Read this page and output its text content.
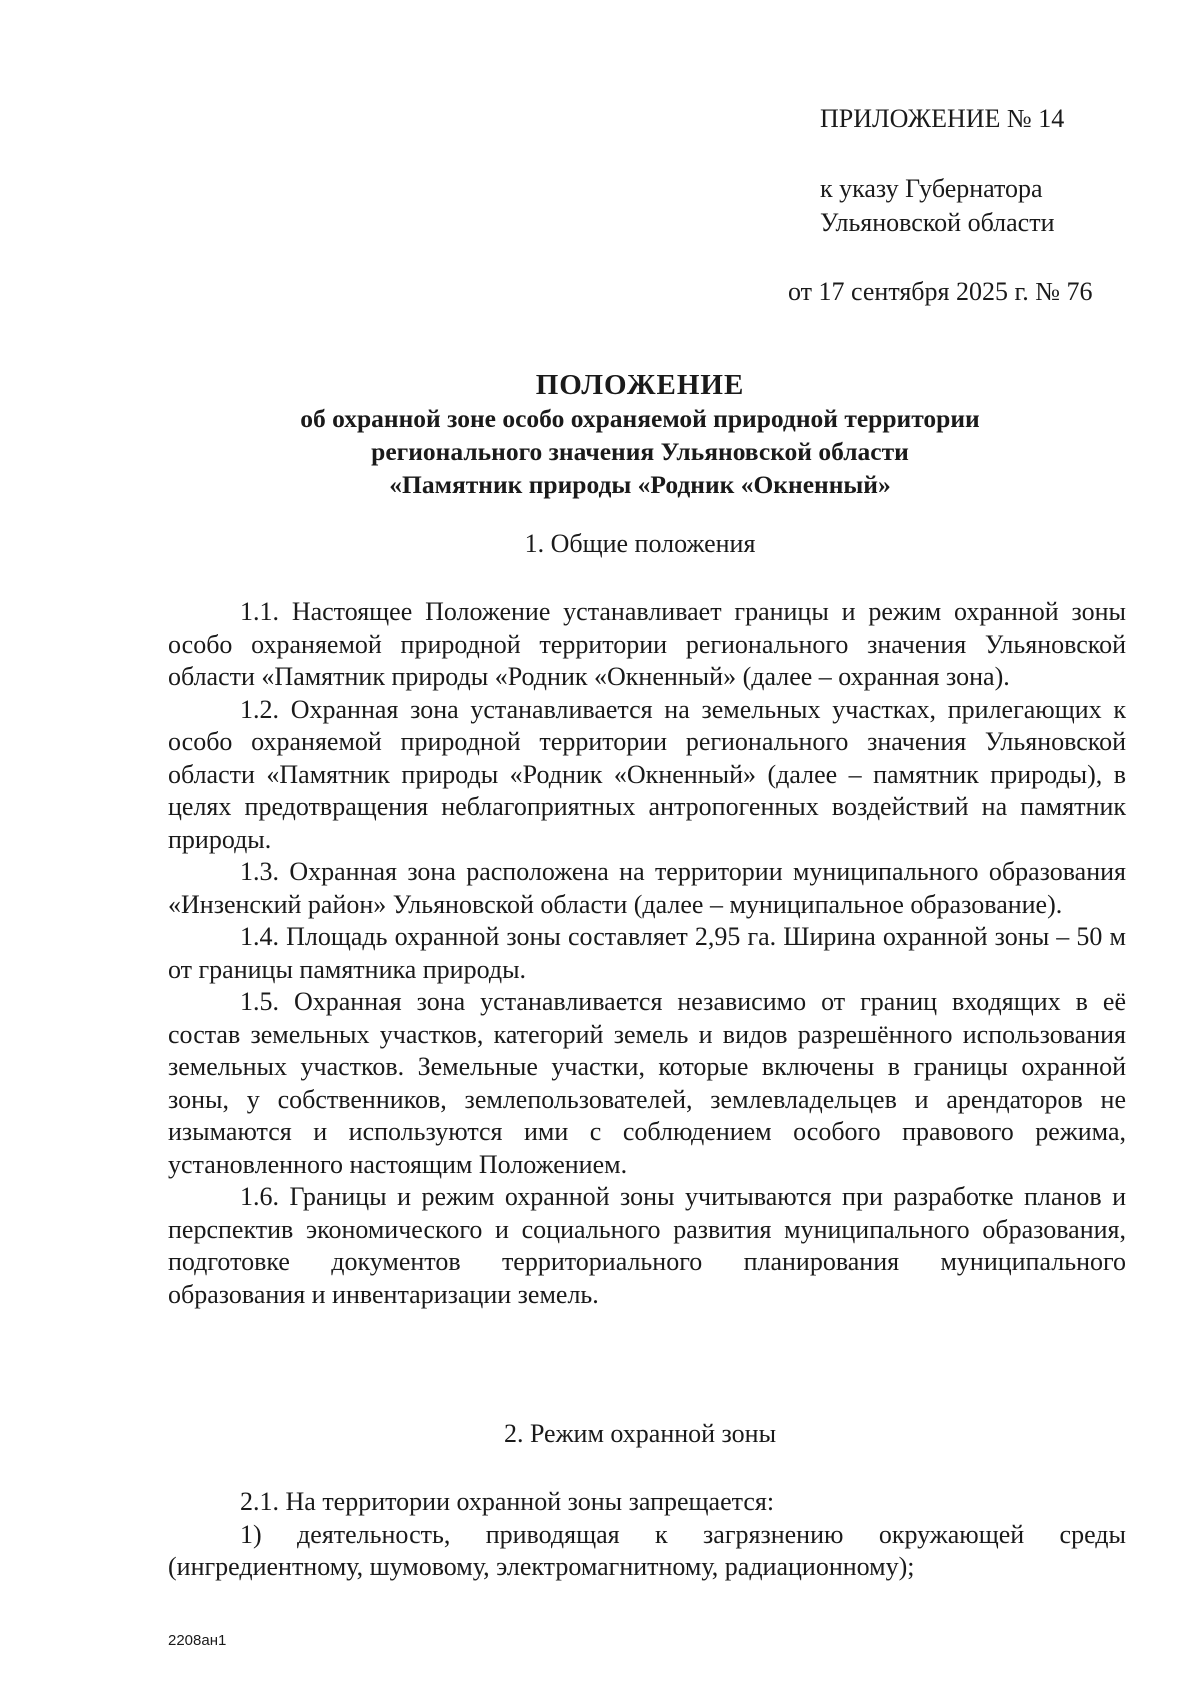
ПРИЛОЖЕНИЕ № 14
к указу Губернатора
Ульяновской области
от 17 сентября 2025 г. № 76
ПОЛОЖЕНИЕ
об охранной зоне особо охраняемой природной территории
регионального значения Ульяновской области
«Памятник природы «Родник «Окненный»
1. Общие положения

1.1. Настоящее Положение устанавливает границы и режим охранной зоны особо охраняемой природной территории регионального значения Ульяновской области «Памятник природы «Родник «Окненный» (далее – охранная зона).

1.2. Охранная зона устанавливается на земельных участках, прилегающих к особо охраняемой природной территории регионального значения Ульяновской области «Памятник природы «Родник «Окненный» (далее – памятник природы), в целях предотвращения неблагоприятных антропогенных воздействий на памятник природы.

1.3. Охранная зона расположена на территории муниципального образования «Инзенский район» Ульяновской области (далее – муниципальное образование).

1.4. Площадь охранной зоны составляет 2,95 га. Ширина охранной зоны – 50 м от границы памятника природы.

1.5. Охранная зона устанавливается независимо от границ входящих в её состав земельных участков, категорий земель и видов разрешённого использования земельных участков. Земельные участки, которые включены в границы охранной зоны, у собственников, землепользователей, землевладельцев и арендаторов не изымаются и используются ими с соблюдением особого правового режима, установленного настоящим Положением.

1.6. Границы и режим охранной зоны учитываются при разработке планов и перспектив экономического и социального развития муниципального образования, подготовке документов территориального планирования муниципального образования и инвентаризации земель.

2. Режим охранной зоны

2.1. На территории охранной зоны запрещается:

1) деятельность, приводящая к загрязнению окружающей среды (ингредиентному, шумовому, электромагнитному, радиационному);

2208ан1
